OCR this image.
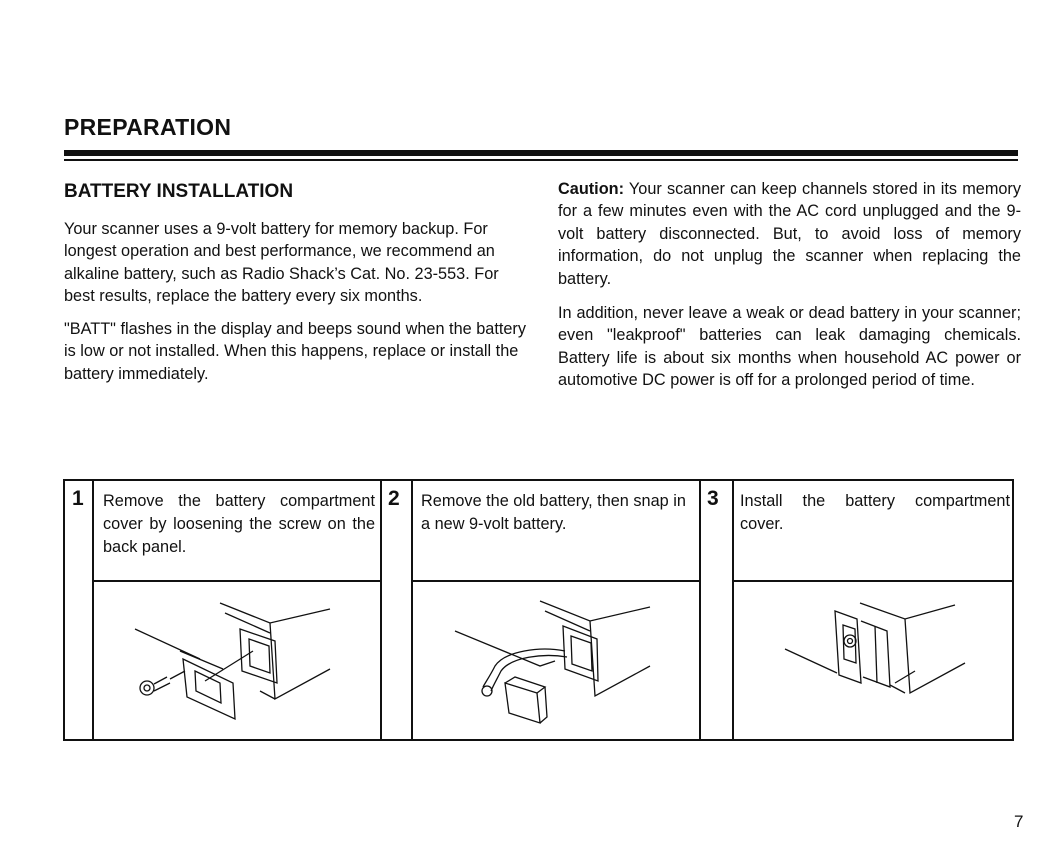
PREPARATION
BATTERY INSTALLATION

Your scanner uses a 9-volt battery for memory backup. For longest operation and best performance, we recommend an alkaline battery, such as Radio Shack’s Cat. No. 23-553. For best results, replace the battery every six months.

"BATT" flashes in the display and beeps sound when the battery is low or not installed. When this happens, replace or install the battery immediately.

Caution: Your scanner can keep channels stored in its memory for a few minutes even with the AC cord unplugged and the 9-volt battery disconnected. But, to avoid loss of memory information, do not unplug the scanner when replacing the battery.

In addition, never leave a weak or dead battery in your scanner; even "leakproof" batteries can leak damaging chemicals. Battery life is about six months when household AC power or automotive DC power is off for a prolonged period of time.

1 Remove the battery compartment cover by loosening the screw on the back panel.
2 Remove the old battery, then snap in a new 9-volt battery.
3 Install the battery compartment cover.
7
